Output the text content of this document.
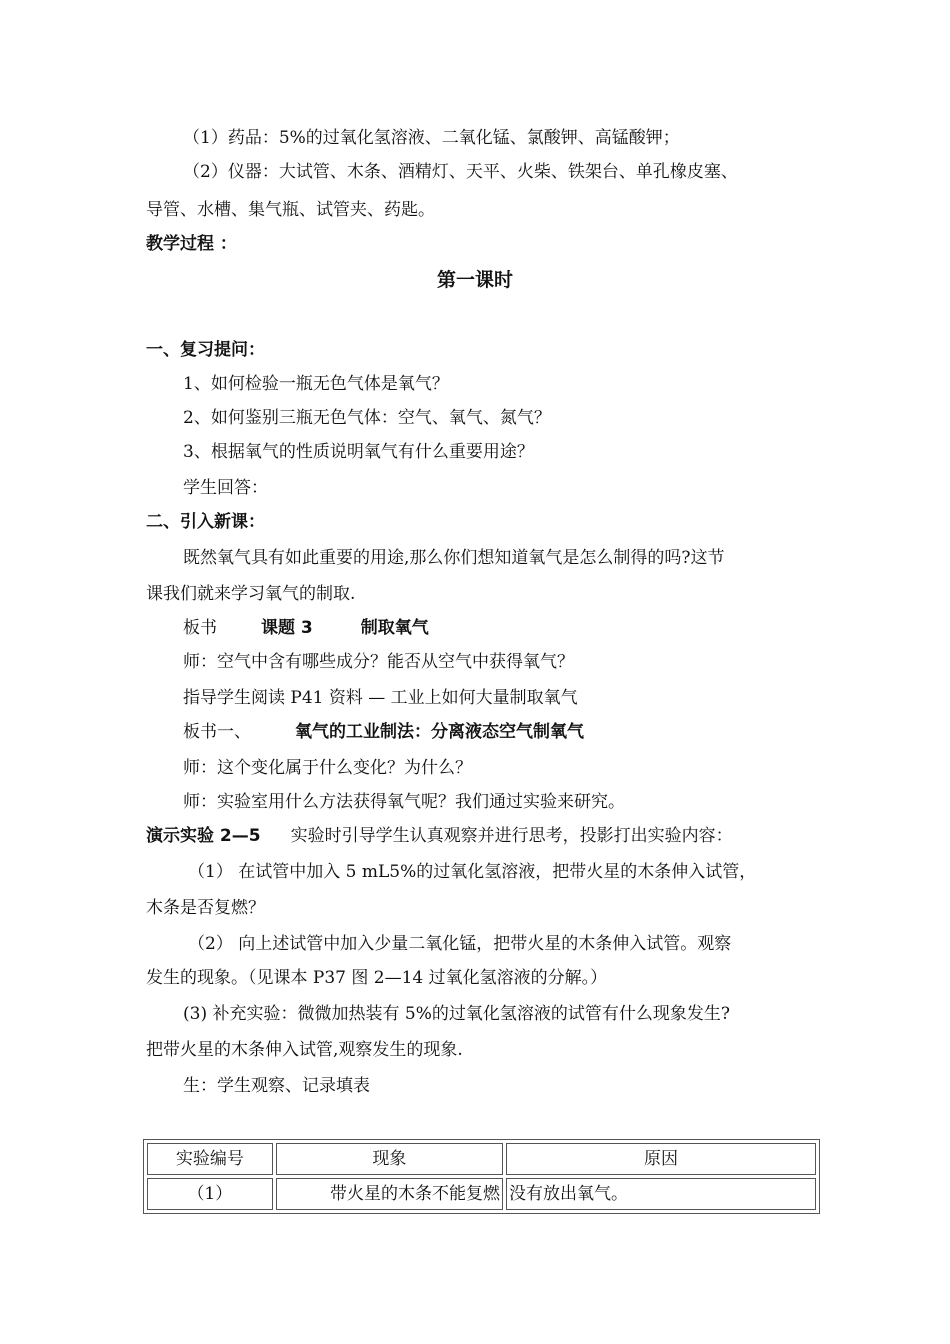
（1）药品：5%的过氧化氢溶液、二氧化锰、氯酸钾、高锰酸钾；
（2）仪器：大试管、木条、酒精灯、天平、火柴、铁架台、单孔橡皮塞、
导管、水槽、集气瓶、试管夹、药匙。
教学过程 ：
第一课时
一、复习提问：
1、如何检验一瓶无色气体是氧气？
2、如何鉴别三瓶无色气体：空气、氧气、氮气？
3、根据氧气的性质说明氧气有什么重要用途？
学生回答：
二、引入新课：
既然氧气具有如此重要的用途,那么你们想知道氧气是怎么制得的吗?这节
课我们就来学习氧气的制取.
板书	课题 3	制取氧气
师：空气中含有哪些成分？能否从空气中获得氧气？
指导学生阅读 P41 资料 — 工业上如何大量制取氧气
板书一、	氧气的工业制法：分离液态空气制氧气
师：这个变化属于什么变化？为什么？
师：实验室用什么方法获得氧气呢？我们通过实验来研究。
演示实验 2—5 实验时引导学生认真观察并进行思考，投影打出实验内容：
（1） 在试管中加入 5 mL5%的过氧化氢溶液，把带火星的木条伸入试管，
木条是否复燃？
（2） 向上述试管中加入少量二氧化锰，把带火星的木条伸入试管。观察
发生的现象。（见课本 P37 图 2—14 过氧化氢溶液的分解。）
(3) 补充实验：微微加热装有 5%的过氧化氢溶液的试管有什么现象发生?
把带火星的木条伸入试管,观察发生的现象.
生：学生观察、记录填表
实验编号	现象	原因
（1）	带火星的木条不能复燃	没有放出氧气。
